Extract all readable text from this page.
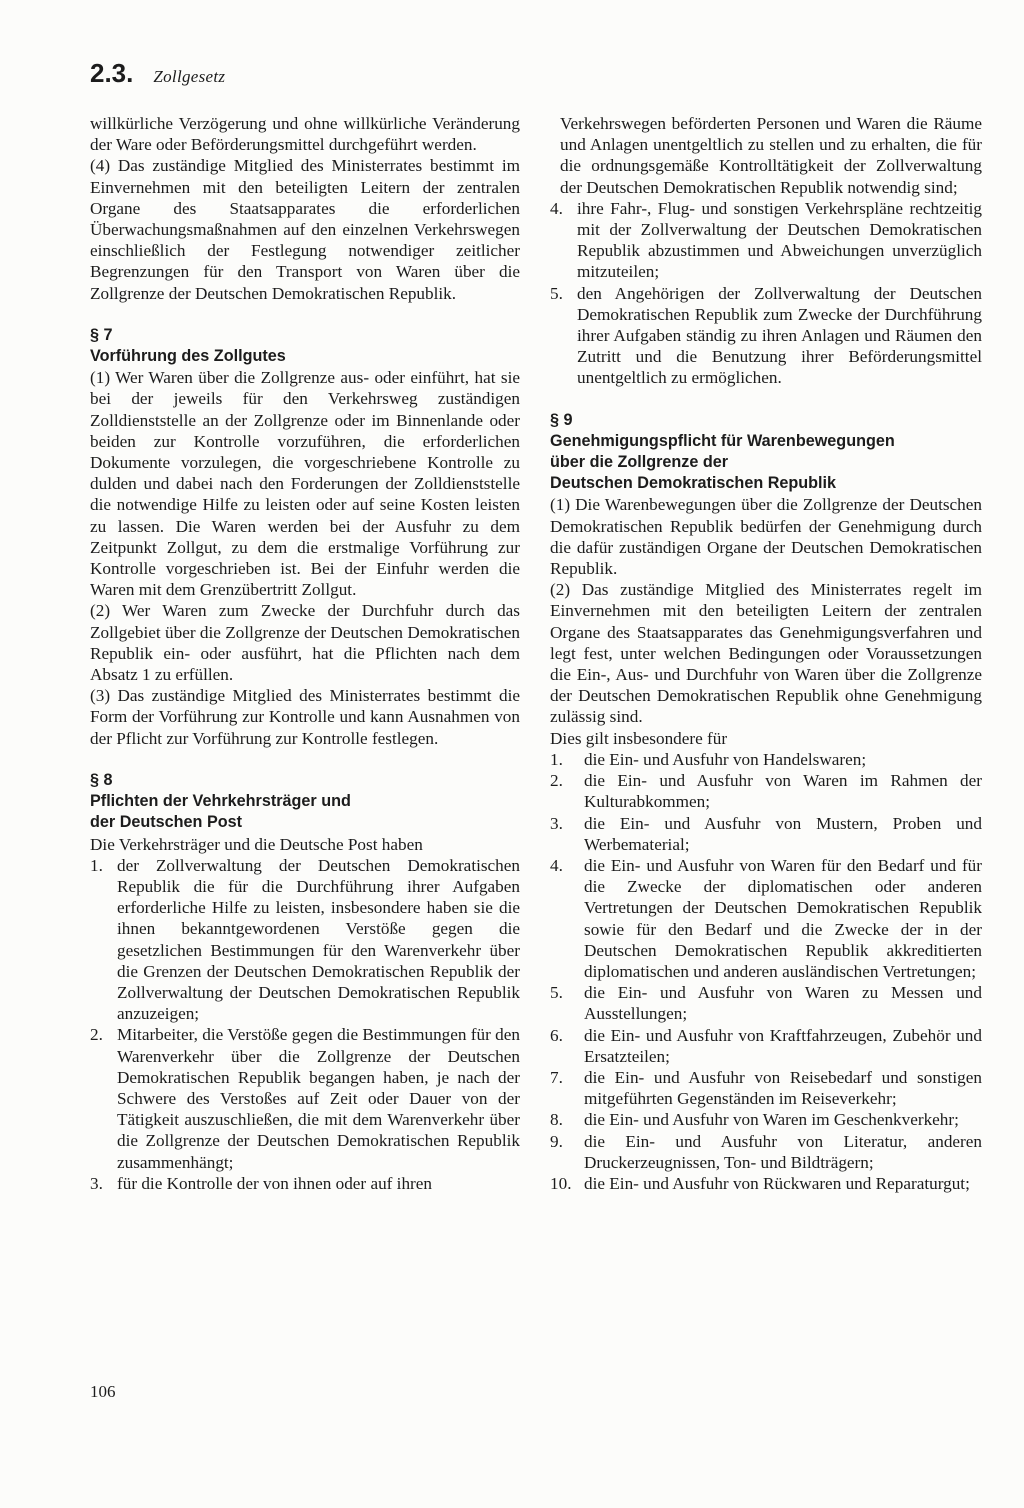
2.3. Zollgesetz

willkürliche Verzögerung und ohne willkürliche Veränderung der Ware oder Beförderungsmittel durchgeführt werden.

(4) Das zuständige Mitglied des Ministerrates bestimmt im Einvernehmen mit den beteiligten Leitern der zentralen Organe des Staatsapparates die erforderlichen Überwachungsmaßnahmen auf den einzelnen Verkehrswegen einschließlich der Festlegung notwendiger zeitlicher Begrenzungen für den Transport von Waren über die Zollgrenze der Deutschen Demokratischen Republik.

§ 7
Vorführung des Zollgutes

(1) Wer Waren über die Zollgrenze aus- oder einführt, hat sie bei der jeweils für den Verkehrsweg zuständigen Zolldienststelle an der Zollgrenze oder im Binnenlande oder beiden zur Kontrolle vorzuführen, die erforderlichen Dokumente vorzulegen, die vorgeschriebene Kontrolle zu dulden und dabei nach den Forderungen der Zolldienststelle die notwendige Hilfe zu leisten oder auf seine Kosten leisten zu lassen. Die Waren werden bei der Ausfuhr zu dem Zeitpunkt Zollgut, zu dem die erstmalige Vorführung zur Kontrolle vorgeschrieben ist. Bei der Einfuhr werden die Waren mit dem Grenzübertritt Zollgut.

(2) Wer Waren zum Zwecke der Durchfuhr durch das Zollgebiet über die Zollgrenze der Deutschen Demokratischen Republik ein- oder ausführt, hat die Pflichten nach dem Absatz 1 zu erfüllen.

(3) Das zuständige Mitglied des Ministerrates bestimmt die Form der Vorführung zur Kontrolle und kann Ausnahmen von der Pflicht zur Vorführung zur Kontrolle festlegen.

§ 8
Pflichten der Vehrkehrsträger und
der Deutschen Post

Die Verkehrsträger und die Deutsche Post haben

1. der Zollverwaltung der Deutschen Demokratischen Republik die für die Durchführung ihrer Aufgaben erforderliche Hilfe zu leisten, insbesondere haben sie die ihnen bekanntgewordenen Verstöße gegen die gesetzlichen Bestimmungen für den Warenverkehr über die Grenzen der Deutschen Demokratischen Republik der Zollverwaltung der Deutschen Demokratischen Republik anzuzeigen;
2. Mitarbeiter, die Verstöße gegen die Bestimmungen für den Warenverkehr über die Zollgrenze der Deutschen Demokratischen Republik begangen haben, je nach der Schwere des Verstoßes auf Zeit oder Dauer von der Tätigkeit auszuschließen, die mit dem Warenverkehr über die Zollgrenze der Deutschen Demokratischen Republik zusammenhängt;
3. für die Kontrolle der von ihnen oder auf ihren

Verkehrswegen beförderten Personen und Waren die Räume und Anlagen unentgeltlich zu stellen und zu erhalten, die für die ordnungsgemäße Kontrolltätigkeit der Zollverwaltung der Deutschen Demokratischen Republik notwendig sind;

4. ihre Fahr-, Flug- und sonstigen Verkehrspläne rechtzeitig mit der Zollverwaltung der Deutschen Demokratischen Republik abzustimmen und Abweichungen unverzüglich mitzuteilen;
5. den Angehörigen der Zollverwaltung der Deutschen Demokratischen Republik zum Zwecke der Durchführung ihrer Aufgaben ständig zu ihren Anlagen und Räumen den Zutritt und die Benutzung ihrer Beförderungsmittel unentgeltlich zu ermöglichen.
§ 9
Genehmigungspflicht für Warenbewegungen
über die Zollgrenze der
Deutschen Demokratischen Republik

(1) Die Warenbewegungen über die Zollgrenze der Deutschen Demokratischen Republik bedürfen der Genehmigung durch die dafür zuständigen Organe der Deutschen Demokratischen Republik.

(2) Das zuständige Mitglied des Ministerrates regelt im Einvernehmen mit den beteiligten Leitern der zentralen Organe des Staatsapparates das Genehmigungsverfahren und legt fest, unter welchen Bedingungen oder Voraussetzungen die Ein-, Aus- und Durchfuhr von Waren über die Zollgrenze der Deutschen Demokratischen Republik ohne Genehmigung zulässig sind.

Dies gilt insbesondere für

1.	die Ein- und Ausfuhr von Handelswaren;
2.	die Ein- und Ausfuhr von Waren im Rahmen der Kulturabkommen;
3.	die Ein- und Ausfuhr von Mustern, Proben und Werbematerial;
4.	die Ein- und Ausfuhr von Waren für den Bedarf und für die Zwecke der diplomatischen oder anderen Vertretungen der Deutschen Demokratischen Republik sowie für den Bedarf und die Zwecke der in der Deutschen Demokratischen Republik akkreditierten diplomatischen und anderen ausländischen Vertretungen;
5.	die Ein- und Ausfuhr von Waren zu Messen und Ausstellungen;
6.	die Ein- und Ausfuhr von Kraftfahrzeugen, Zubehör und Ersatzteilen;
7.	die Ein- und Ausfuhr von Reisebedarf und sonstigen mitgeführten Gegenständen im Reiseverkehr;
8.	die Ein- und Ausfuhr von Waren im Geschenkverkehr;
9.	die Ein- und Ausfuhr von Literatur, anderen Druckerzeugnissen, Ton- und Bildträgern;
10. die Ein- und Ausfuhr von Rückwaren und Reparaturgut;
106
